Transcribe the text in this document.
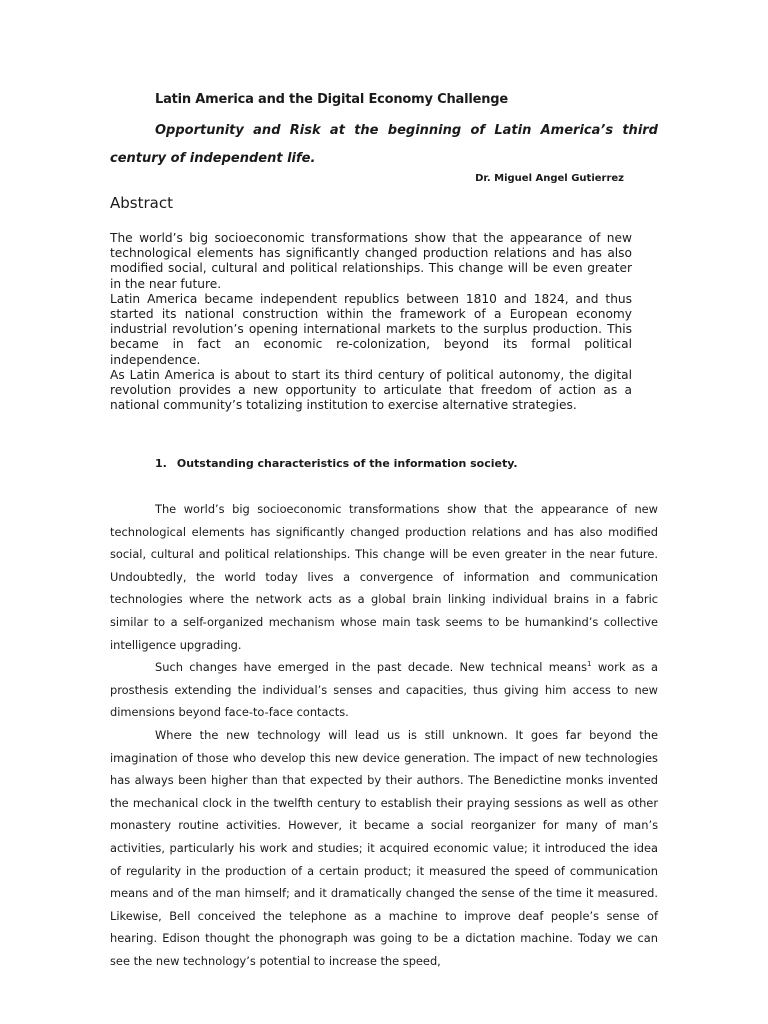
Latin America and the Digital Economy Challenge
Opportunity and Risk at the beginning of Latin America’s third century of independent life.
Dr. Miguel Angel Gutierrez
Abstract

The world’s big socioeconomic transformations show that the appearance of new technological elements has significantly changed production relations and has also modified social, cultural and political relationships. This change will be even greater in the near future.

Latin America became independent republics between 1810 and 1824, and thus started its national construction within the framework of a European economy industrial revolution’s opening international markets to the surplus production. This became in fact an economic re-colonization, beyond its formal political independence.

As Latin America is about to start its third century of political autonomy, the digital revolution provides a new opportunity to articulate that freedom of action as a national community’s totalizing institution to exercise alternative strategies.

1. Outstanding characteristics of the information society.

The world’s big socioeconomic transformations show that the appearance of new technological elements has significantly changed production relations and has also modified social, cultural and political relationships. This change will be even greater in the near future. Undoubtedly, the world today lives a convergence of information and communication technologies where the network acts as a global brain linking individual brains in a fabric similar to a self-organized mechanism whose main task seems to be humankind’s collective intelligence upgrading.

Such changes have emerged in the past decade. New technical means$^1$ work as a prosthesis extending the individual’s senses and capacities, thus giving him access to new dimensions beyond face-to-face contacts.

Where the new technology will lead us is still unknown. It goes far beyond the imagination of those who develop this new device generation. The impact of new technologies has always been higher than that expected by their authors. The Benedictine monks invented the mechanical clock in the twelfth century to establish their praying sessions as well as other monastery routine activities. However, it became a social reorganizer for many of man’s activities, particularly his work and studies; it acquired economic value; it introduced the idea of regularity in the production of a certain product; it measured the speed of communication means and of the man himself; and it dramatically changed the sense of the time it measured. Likewise, Bell conceived the telephone as a machine to improve deaf people’s sense of hearing. Edison thought the phonograph was going to be a dictation machine. Today we can see the new technology’s potential to increase the speed,
